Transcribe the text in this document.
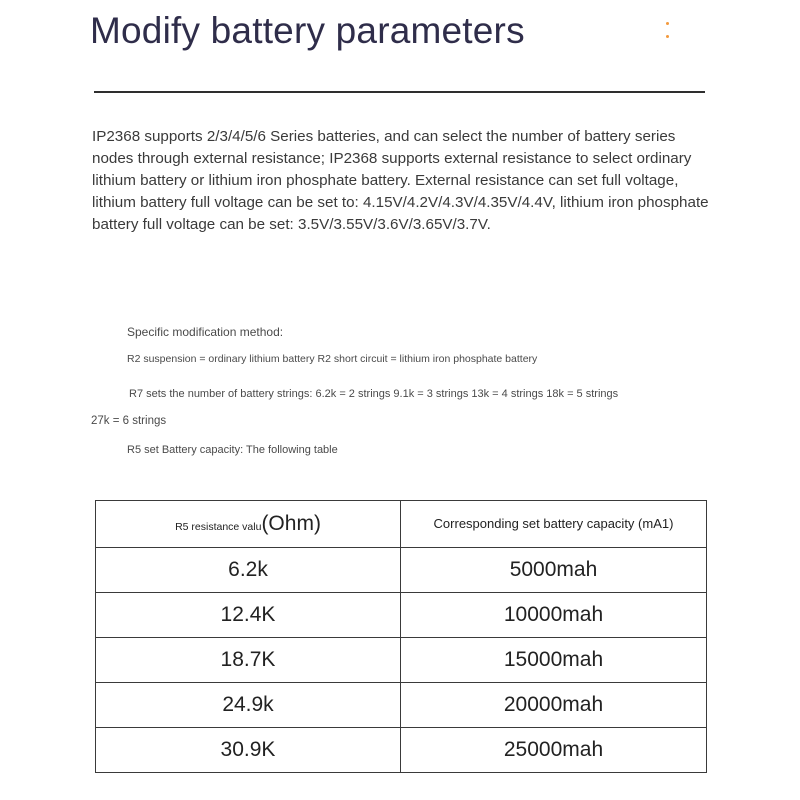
Modify battery parameters

IP2368 supports 2/3/4/5/6 Series batteries, and can select the number of battery series nodes through external resistance; IP2368 supports external resistance to select ordinary lithium battery or lithium iron phosphate battery. External resistance can set full voltage, lithium battery full voltage can be set to: 4.15V/4.2V/4.3V/4.35V/4.4V, lithium iron phosphate battery full voltage can be set: 3.5V/3.55V/3.6V/3.65V/3.7V.

Specific modification method:

R2 suspension = ordinary lithium battery R2 short circuit = lithium iron phosphate battery

R7 sets the number of battery strings: 6.2k = 2 strings 9.1k = 3 strings 13k = 4 strings 18k = 5 strings

27k = 6 strings

R5 set Battery capacity: The following table

R5 resistance valu(Ohm)	Corresponding set battery capacity (mA1)
6.2k	5000mah
12.4K	10000mah
18.7K	15000mah
24.9k	20000mah
30.9K	25000mah
